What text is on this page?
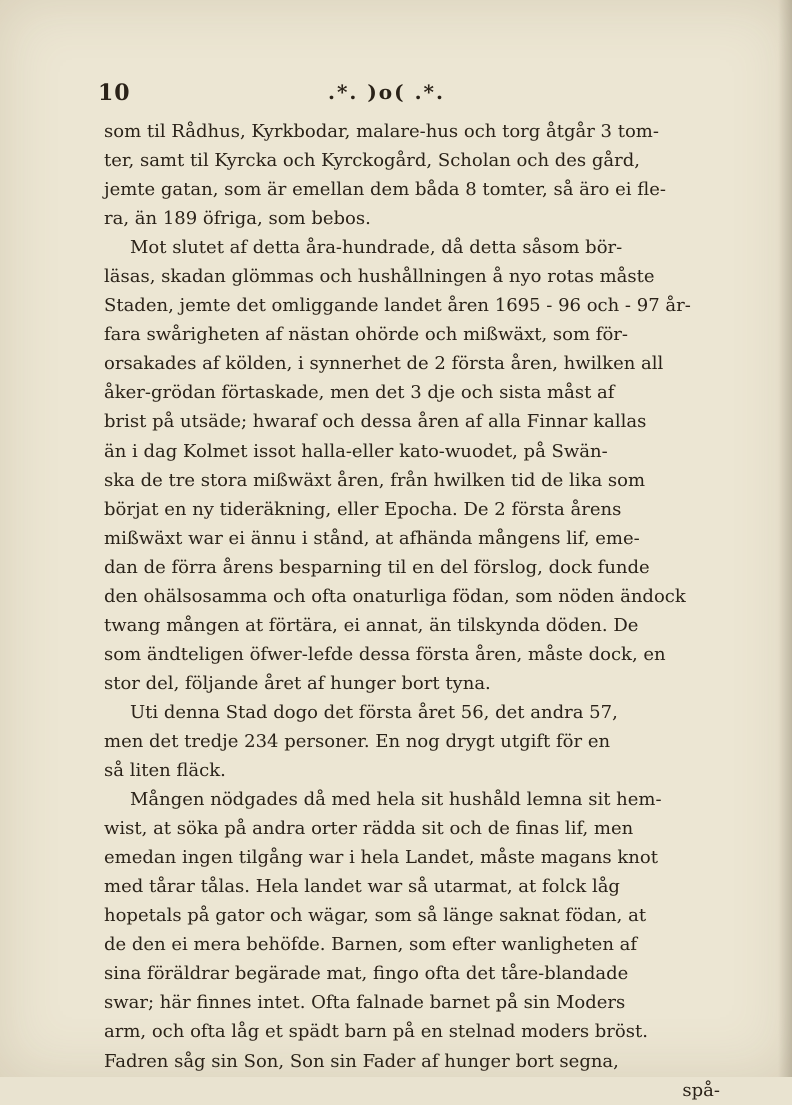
10	.*. )o( .*.
som til Rådhus, Kyrkbodar, malare-hus och torg åtgår 3 tom-
ter, samt til Kyrcka och Kyrckogård, Scholan och des gård,
jemte gatan, som är emellan dem båda 8 tomter, så äro ei fle-
ra, än 189 öfriga, som bebos.
Mot slutet af detta åra-hundrade, då detta såsom bör-
läsas, skadan glömmas och hushållningen å nyo rotas måste
Staden, jemte det omliggande landet åren 1695 - 96 och - 97 år-
fara swårigheten af nästan ohörde och mißwäxt, som för-
orsakades af kölden, i synnerhet de 2 första åren, hwilken all
åker-grödan förtaskade, men det 3 dje och sista måst af
brist på utsäde; hwaraf och dessa åren af alla Finnar kallas
än i dag Kolmet issot halla-eller kato-wuodet, på Swän-
ska de tre stora mißwäxt åren, från hwilken tid de lika som
börjat en ny tideräkning, eller Epocha. De 2 första årens
mißwäxt war ei ännu i stånd, at afhända mångens lif, eme-
dan de förra årens besparning til en del förslog, dock funde
den ohälsosamma och ofta onaturliga födan, som nöden ändock
twang mången at förtära, ei annat, än tilskynda döden. De
som ändteligen öfwer-lefde dessa första åren, måste dock, en
stor del, följande året af hunger bort tyna.
Uti denna Stad dogo det första året 56, det andra 57,
men det tredje 234 personer. En nog drygt utgift för en
så liten fläck.
Mången nödgades då med hela sit hushåld lemna sit hem-
wist, at söka på andra orter rädda sit och de finas lif, men
emedan ingen tilgång war i hela Landet, måste magans knot
med tårar tålas. Hela landet war så utarmat, at folck låg
hopetals på gator och wägar, som så länge saknat födan, at
de den ei mera behöfde. Barnen, som efter wanligheten af
sina föräldrar begärade mat, fingo ofta det tåre-blandade
swar; här finnes intet. Ofta falnade barnet på sin Moders
arm, och ofta låg et spädt barn på en stelnad moders bröst.
Fadren såg sin Son, Son sin Fader af hunger bort segna,
spå-
